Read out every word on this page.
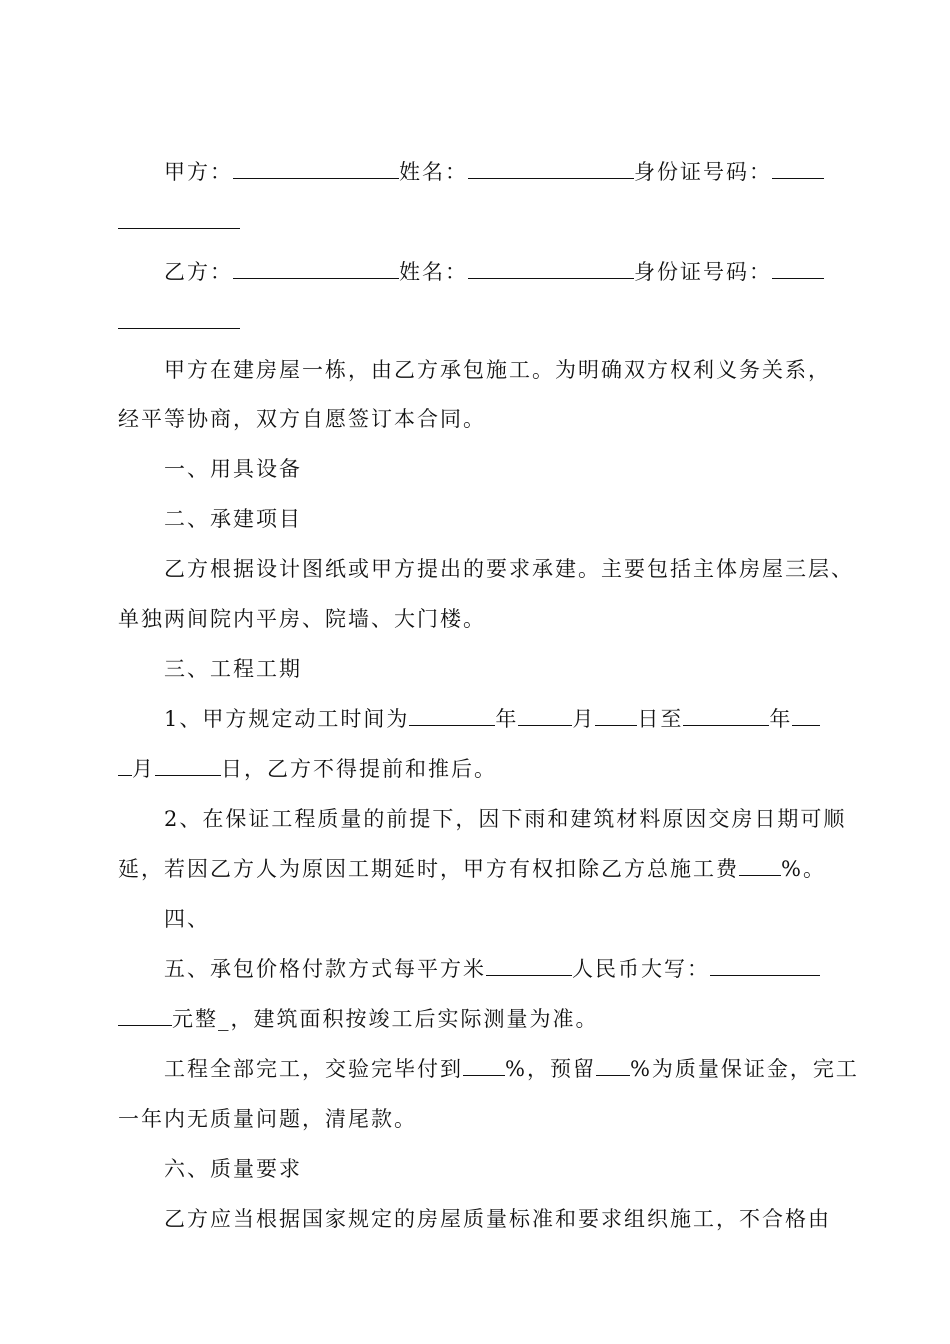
甲方：	姓名：	身份证号码：
乙方：	姓名：	身份证号码：
甲方在建房屋一栋，由乙方承包施工。为明确双方权利义务关系，
经平等协商，双方自愿签订本合同。
一、用具设备
二、承建项目
乙方根据设计图纸或甲方提出的要求承建。主要包括主体房屋三层、
单独两间院内平房、院墙、大门楼。
三、工程工期
1、甲方规定动工时间为	年	月 日至	年
月	日，乙方不得提前和推后。
2、在保证工程质量的前提下，因下雨和建筑材料原因交房日期可顺
延，若因乙方人为原因工期延时，甲方有权扣除乙方总施工费 %。
四、
五、承包价格付款方式每平方米	人民币大写：
元整_，建筑面积按竣工后实际测量为准。
工程全部完工，交验完毕付到 %，预留 %为质量保证金，完工
一年内无质量问题，清尾款。
六、质量要求
乙方应当根据国家规定的房屋质量标准和要求组织施工，不合格由
